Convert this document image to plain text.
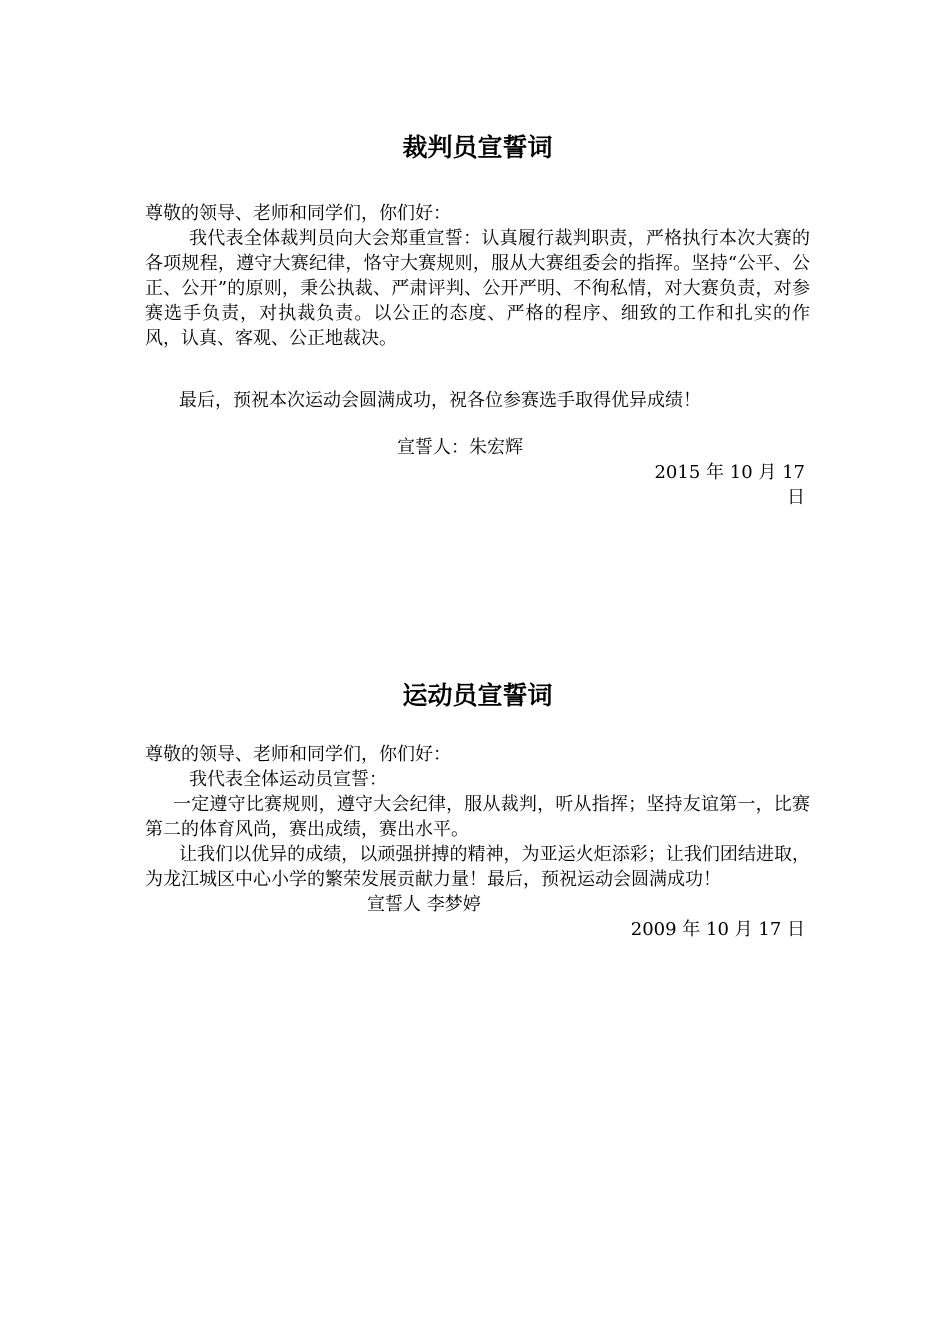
裁判员宣誓词

尊敬的领导、老师和同学们，你们好：

我代表全体裁判员向大会郑重宣誓：认真履行裁判职责，严格执行本次大赛的各项规程，遵守大赛纪律，恪守大赛规则，服从大赛组委会的指挥。坚持“公平、公正、公开”的原则，秉公执裁、严肃评判、公开严明、不徇私情，对大赛负责，对参赛选手负责，对执裁负责。以公正的态度、严格的程序、细致的工作和扎实的作风，认真、客观、公正地裁决。

最后，预祝本次运动会圆满成功，祝各位参赛选手取得优异成绩！

宣誓人：朱宏辉

2015 年 10 月 17 日

运动员宣誓词

尊敬的领导、老师和同学们，你们好：

我代表全体运动员宣誓：

一定遵守比赛规则，遵守大会纪律，服从裁判，听从指挥；坚持友谊第一，比赛第二的体育风尚，赛出成绩，赛出水平。

让我们以优异的成绩，以顽强拼搏的精神，为亚运火炬添彩；让我们团结进取，为龙江城区中心小学的繁荣发展贡献力量！最后，预祝运动会圆满成功！

宣誓人 李梦婷

2009 年 10 月 17 日
